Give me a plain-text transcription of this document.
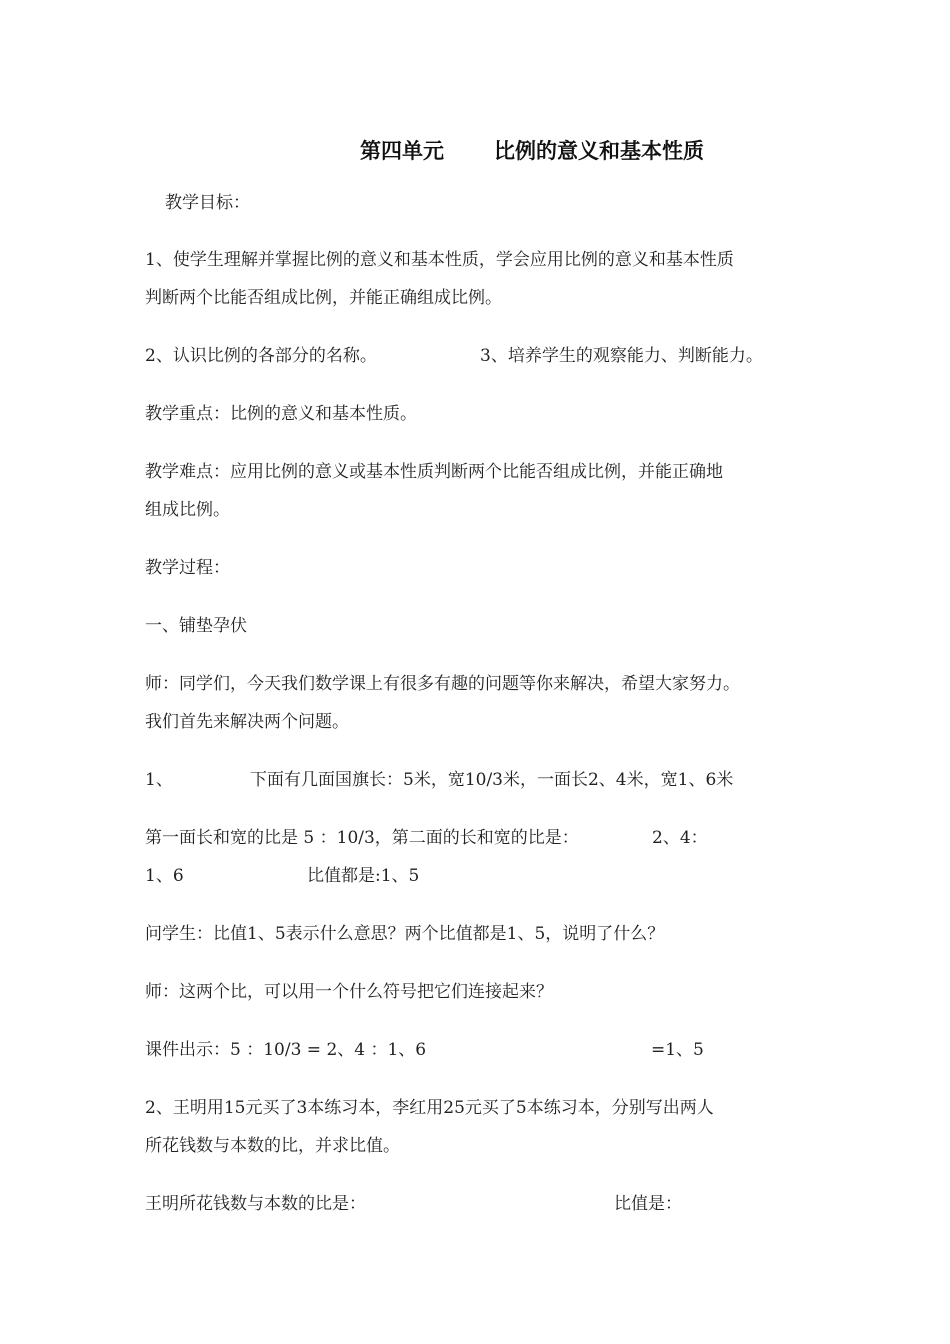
第四单元 比例的意义和基本性质
教学目标：
1、使学生理解并掌握比例的意义和基本性质，学会应用比例的意义和基本性质
判断两个比能否组成比例，并能正确组成比例。
2、认识比例的各部分的名称。	3、培养学生的观察能力、判断能力。
教学重点：比例的意义和基本性质。
教学难点：应用比例的意义或基本性质判断两个比能否组成比例，并能正确地
组成比例。
教学过程：
一、铺垫孕伏
师：同学们，今天我们数学课上有很多有趣的问题等你来解决，希望大家努力。
我们首先来解决两个问题。
1、	下面有几面国旗长：5米，宽10/3米，一面长2、4米，宽1、6米
第一面长和宽的比是 5 ：10/3，第二面的长和宽的比是：	2、4：
1、6	比值都是:1、5
问学生：比值1、5表示什么意思？两个比值都是1、5，说明了什么？
师：这两个比，可以用一个什么符号把它们连接起来？
课件出示：5 ：10/3 = 2、4 ：1、6	=1、5
2、王明用15元买了3本练习本，李红用25元买了5本练习本，分别写出两人
所花钱数与本数的比，并求比值。
王明所花钱数与本数的比是：	比值是：
